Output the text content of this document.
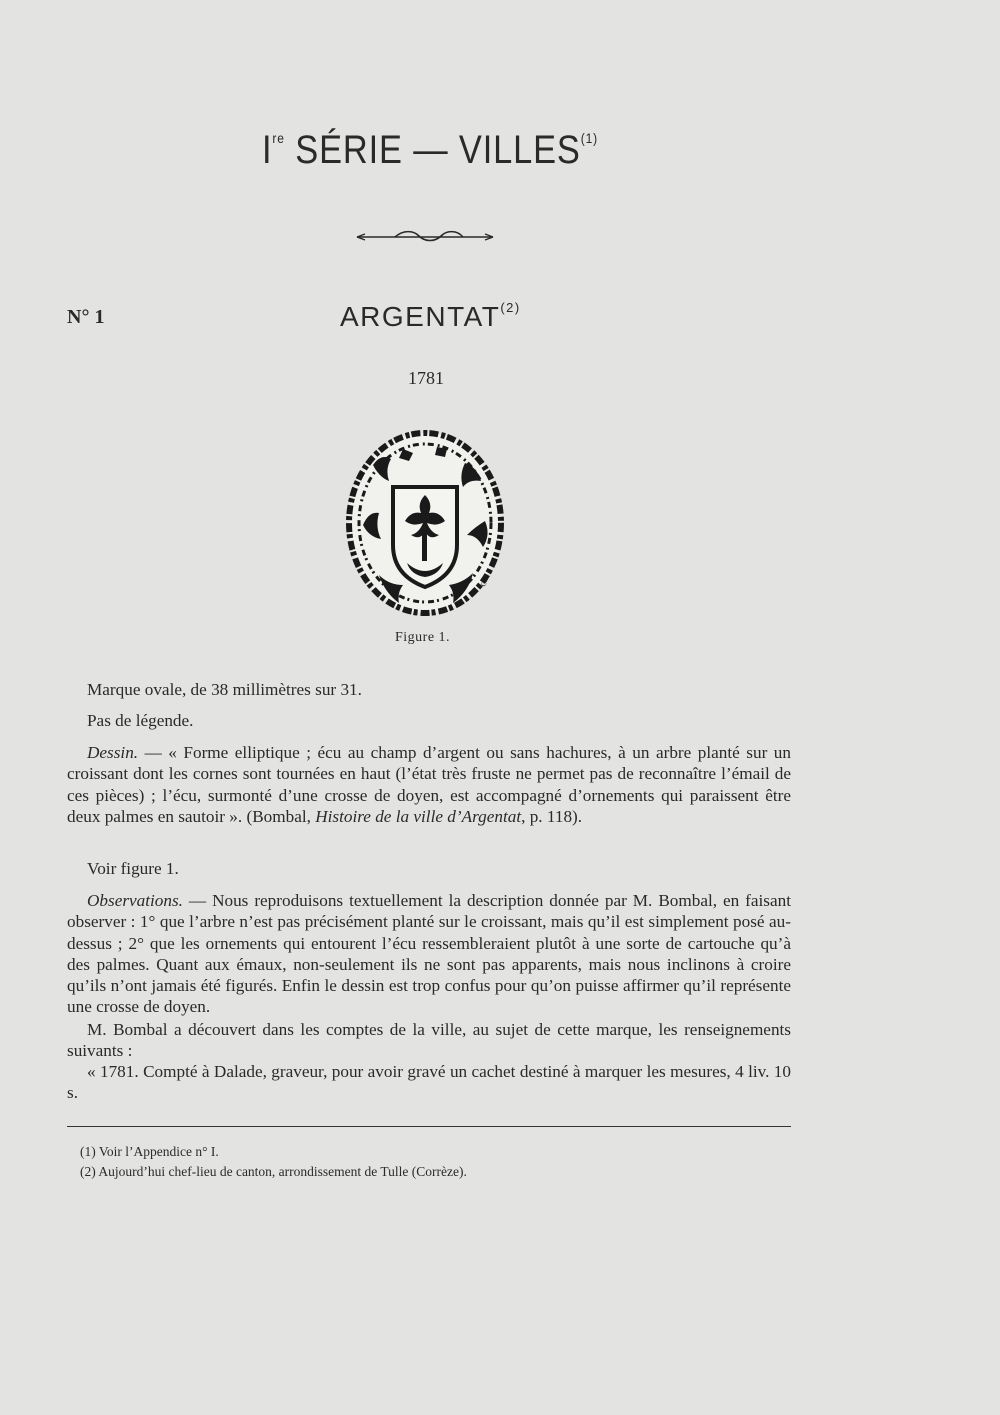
Ire SÉRIE — VILLES$^{(1)}$
N° 1	ARGENTAT$^{(2)}$
1781
C.L.
Figure 1.

Marque ovale, de 38 millimètres sur 31.

Pas de légende.

Dessin. — « Forme elliptique ; écu au champ d’argent ou sans hachures, à un arbre planté sur un croissant dont les cornes sont tournées en haut (l’état très fruste ne permet pas de reconnaître l’émail de ces pièces) ; l’écu, surmonté d’une crosse de doyen, est accompagné d’ornements qui paraissent être deux palmes en sautoir ». (Bombal, Histoire de la ville d’Argentat, p. 118).

Voir figure 1.

Observations. — Nous reproduisons textuellement la description donnée par M. Bombal, en faisant observer : 1° que l’arbre n’est pas précisément planté sur le croissant, mais qu’il est simplement posé au-dessus ; 2° que les ornements qui entourent l’écu ressembleraient plutôt à une sorte de cartouche qu’à des palmes. Quant aux émaux, non-seulement ils ne sont pas apparents, mais nous inclinons à croire qu’ils n’ont jamais été figurés. Enfin le dessin est trop confus pour qu’on puisse affirmer qu’il représente une crosse de doyen.

M. Bombal a découvert dans les comptes de la ville, au sujet de cette marque, les renseignements suivants :

« 1781. Compté à Dalade, graveur, pour avoir gravé un cachet destiné à marquer les mesures, 4 liv. 10 s.

(1) Voir l’Appendice n° I.
(2) Aujourd’hui chef-lieu de canton, arrondissement de Tulle (Corrèze).
